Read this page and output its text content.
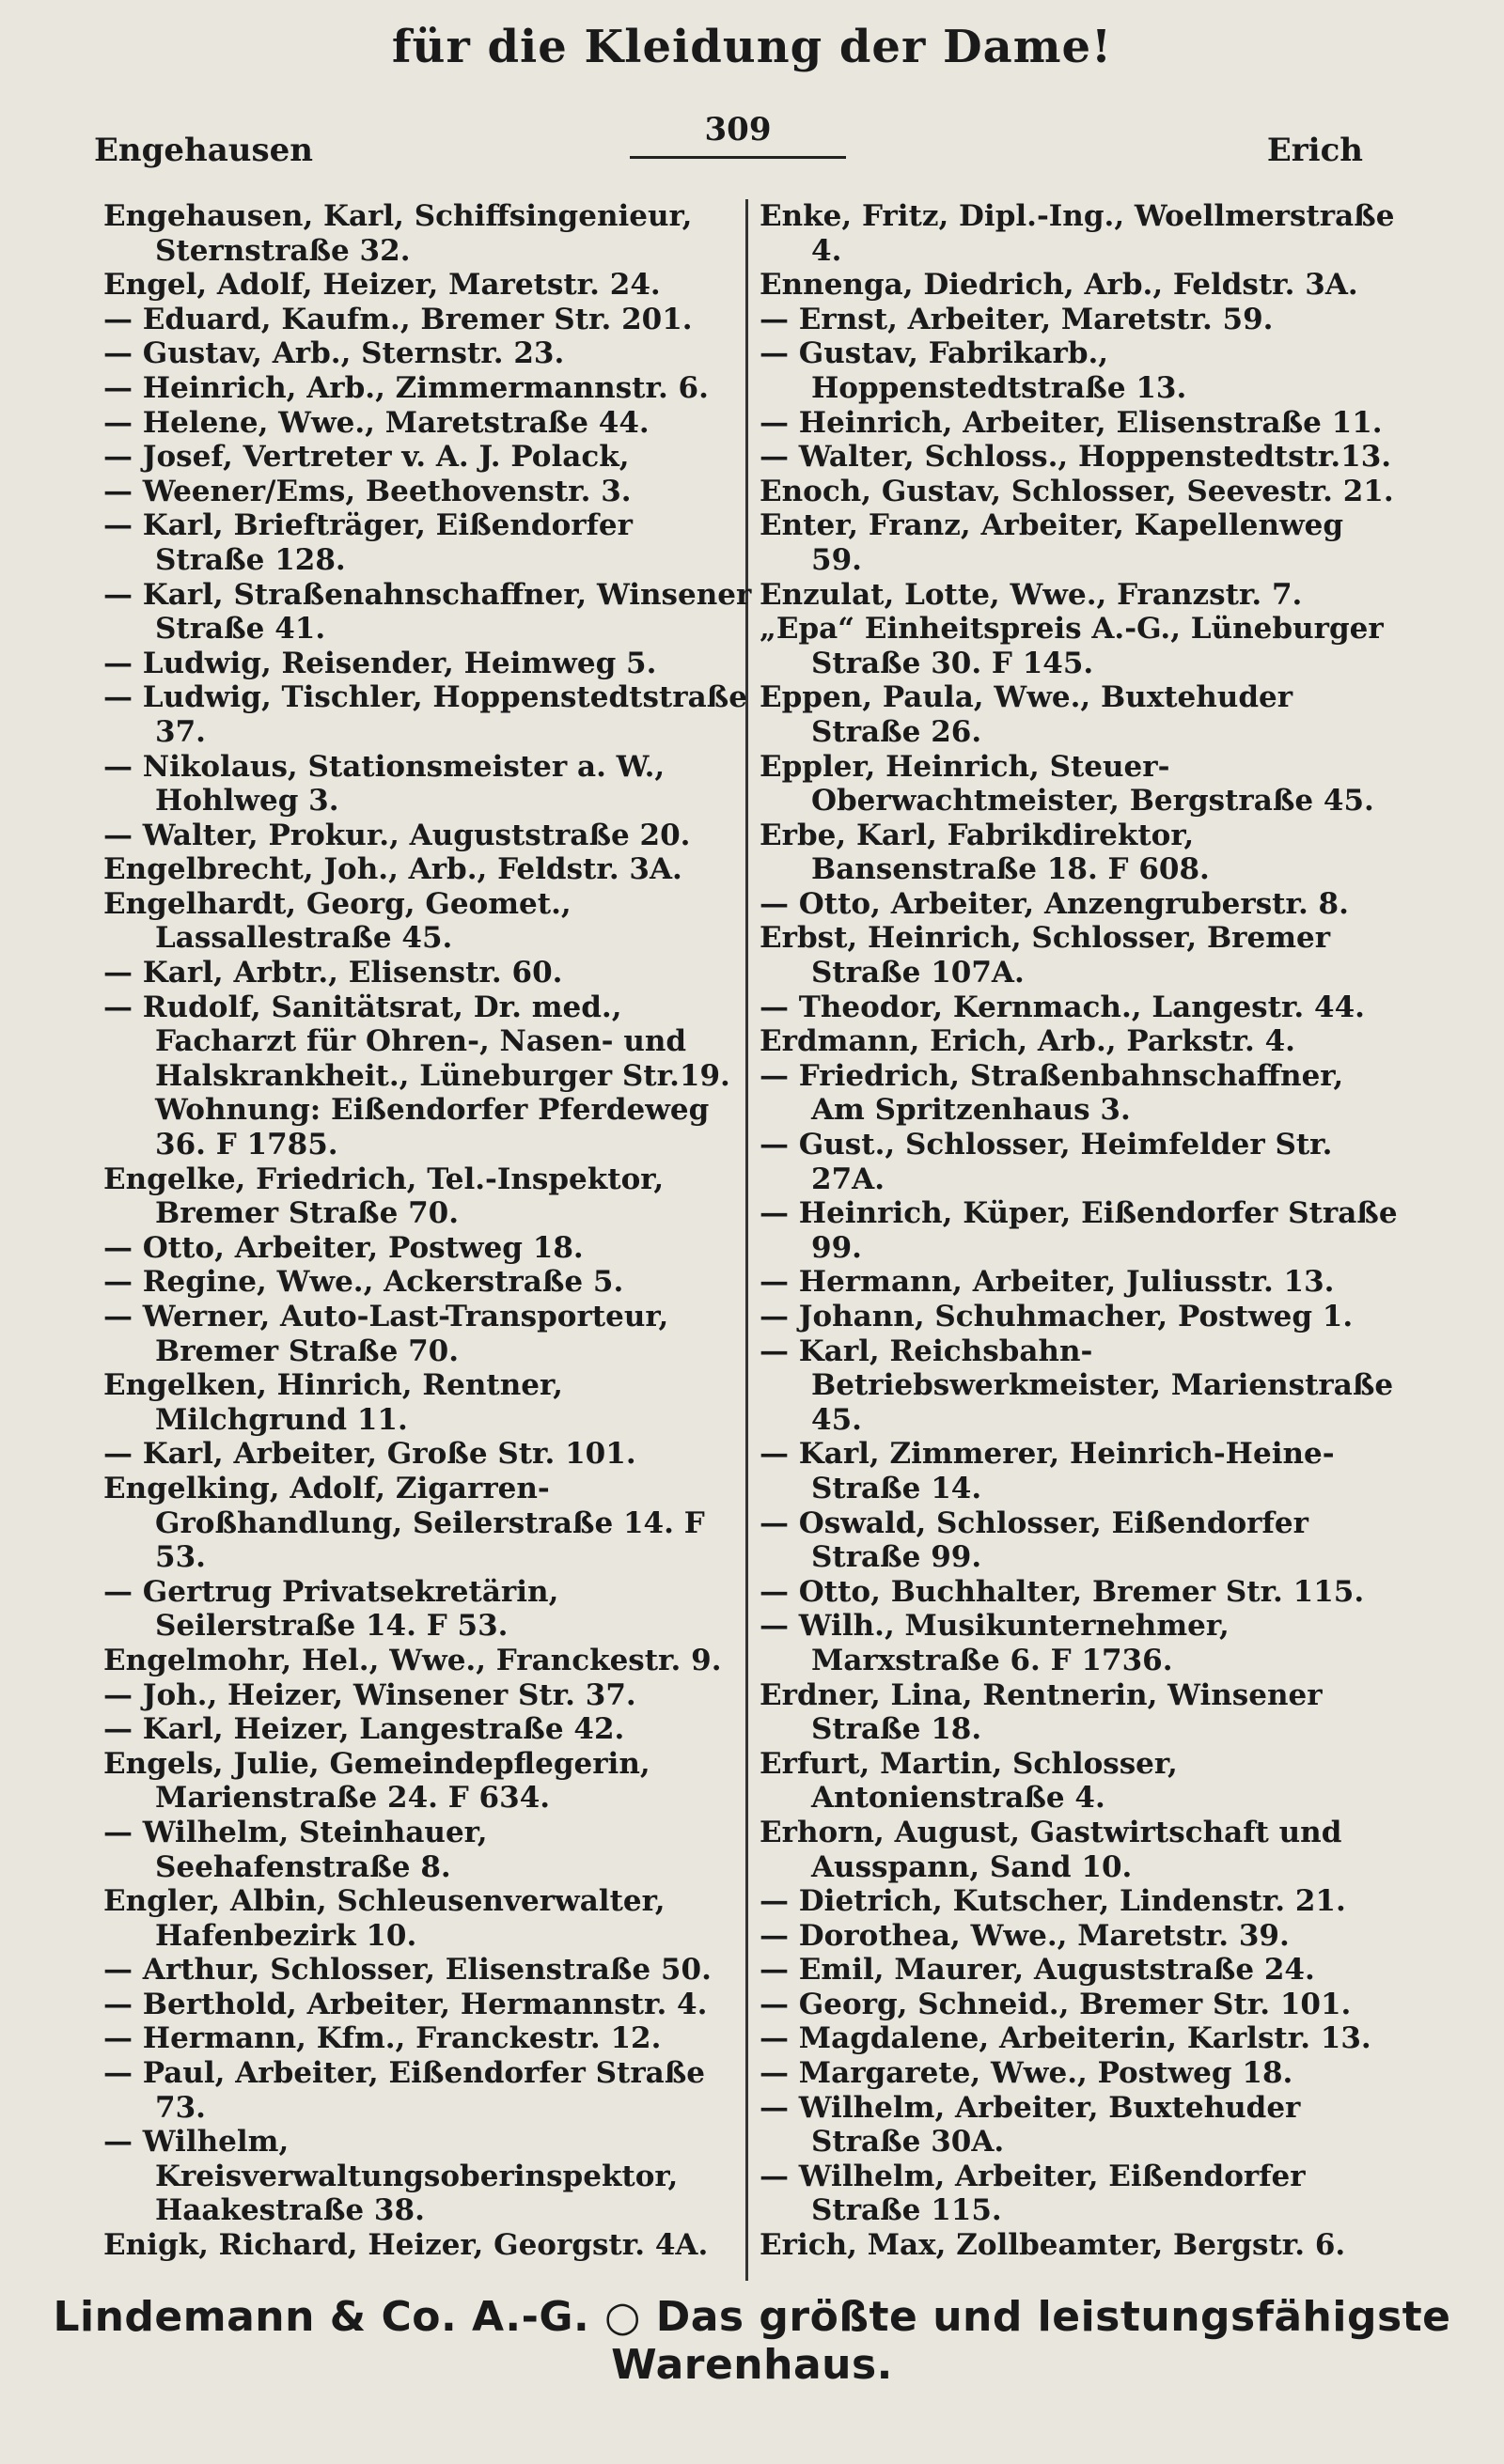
für die Kleidung der Dame!
Engehausen
309
Erich

Engehausen, Karl, Schiffsingenieur, Sternstraße 32.

Engel, Adolf, Heizer, Maretstr. 24.

— Eduard, Kaufm., Bremer Str. 201.

— Gustav, Arb., Sternstr. 23.

— Heinrich, Arb., Zimmermannstr. 6.

— Helene, Wwe., Maretstraße 44.

— Josef, Vertreter v. A. J. Polack,

— Weener/Ems, Beethovenstr. 3.

— Karl, Briefträger, Eißendorfer Straße 128.

— Karl, Straßenahnschaffner, Winsener Straße 41.

— Ludwig, Reisender, Heimweg 5.

— Ludwig, Tischler, Hoppenstedtstraße 37.

— Nikolaus, Stationsmeister a. W., Hohlweg 3.

— Walter, Prokur., Auguststraße 20.

Engelbrecht, Joh., Arb., Feldstr. 3A.

Engelhardt, Georg, Geomet., Lassallestraße 45.

— Karl, Arbtr., Elisenstr. 60.

— Rudolf, Sanitätsrat, Dr. med., Facharzt für Ohren-, Nasen- und Halskrankheit., Lüneburger Str.19. Wohnung: Eißendorfer Pferdeweg 36. F 1785.

Engelke, Friedrich, Tel.-Inspektor, Bremer Straße 70.

— Otto, Arbeiter, Postweg 18.

— Regine, Wwe., Ackerstraße 5.

— Werner, Auto-Last-Transporteur, Bremer Straße 70.

Engelken, Hinrich, Rentner, Milchgrund 11.

— Karl, Arbeiter, Große Str. 101.

Engelking, Adolf, Zigarren-Großhandlung, Seilerstraße 14. F 53.

— Gertrug Privatsekretärin, Seilerstraße 14. F 53.

Engelmohr, Hel., Wwe., Franckestr. 9.

— Joh., Heizer, Winsener Str. 37.

— Karl, Heizer, Langestraße 42.

Engels, Julie, Gemeindepflegerin, Marienstraße 24. F 634.

— Wilhelm, Steinhauer, Seehafenstraße 8.

Engler, Albin, Schleusenverwalter, Hafenbezirk 10.

— Arthur, Schlosser, Elisenstraße 50.

— Berthold, Arbeiter, Hermannstr. 4.

— Hermann, Kfm., Franckestr. 12.

— Paul, Arbeiter, Eißendorfer Straße 73.

— Wilhelm, Kreisverwaltungsoberinspektor, Haakestraße 38.

Enigk, Richard, Heizer, Georgstr. 4A.

Enke, Fritz, Dipl.-Ing., Woellmerstraße 4.

Ennenga, Diedrich, Arb., Feldstr. 3A.

— Ernst, Arbeiter, Maretstr. 59.

— Gustav, Fabrikarb., Hoppenstedtstraße 13.

— Heinrich, Arbeiter, Elisenstraße 11.

— Walter, Schloss., Hoppenstedtstr.13.

Enoch, Gustav, Schlosser, Seevestr. 21.

Enter, Franz, Arbeiter, Kapellenweg 59.

Enzulat, Lotte, Wwe., Franzstr. 7.

„Epa“ Einheitspreis A.-G., Lüneburger Straße 30. F 145.

Eppen, Paula, Wwe., Buxtehuder Straße 26.

Eppler, Heinrich, Steuer-Oberwachtmeister, Bergstraße 45.

Erbe, Karl, Fabrikdirektor, Bansenstraße 18. F 608.

— Otto, Arbeiter, Anzengruberstr. 8.

Erbst, Heinrich, Schlosser, Bremer Straße 107A.

— Theodor, Kernmach., Langestr. 44.

Erdmann, Erich, Arb., Parkstr. 4.

— Friedrich, Straßenbahnschaffner, Am Spritzenhaus 3.

— Gust., Schlosser, Heimfelder Str. 27A.

— Heinrich, Küper, Eißendorfer Straße 99.

— Hermann, Arbeiter, Juliusstr. 13.

— Johann, Schuhmacher, Postweg 1.

— Karl, Reichsbahn-Betriebswerkmeister, Marienstraße 45.

— Karl, Zimmerer, Heinrich-Heine-Straße 14.

— Oswald, Schlosser, Eißendorfer Straße 99.

— Otto, Buchhalter, Bremer Str. 115.

— Wilh., Musikunternehmer, Marxstraße 6. F 1736.

Erdner, Lina, Rentnerin, Winsener Straße 18.

Erfurt, Martin, Schlosser, Antonienstraße 4.

Erhorn, August, Gastwirtschaft und Ausspann, Sand 10.

— Dietrich, Kutscher, Lindenstr. 21.

— Dorothea, Wwe., Maretstr. 39.

— Emil, Maurer, Auguststraße 24.

— Georg, Schneid., Bremer Str. 101.

— Magdalene, Arbeiterin, Karlstr. 13.

— Margarete, Wwe., Postweg 18.

— Wilhelm, Arbeiter, Buxtehuder Straße 30A.

— Wilhelm, Arbeiter, Eißendorfer Straße 115.

Erich, Max, Zollbeamter, Bergstr. 6.

Lindemann & Co. A.-G. ○ Das größte und leistungsfähigste Warenhaus.
